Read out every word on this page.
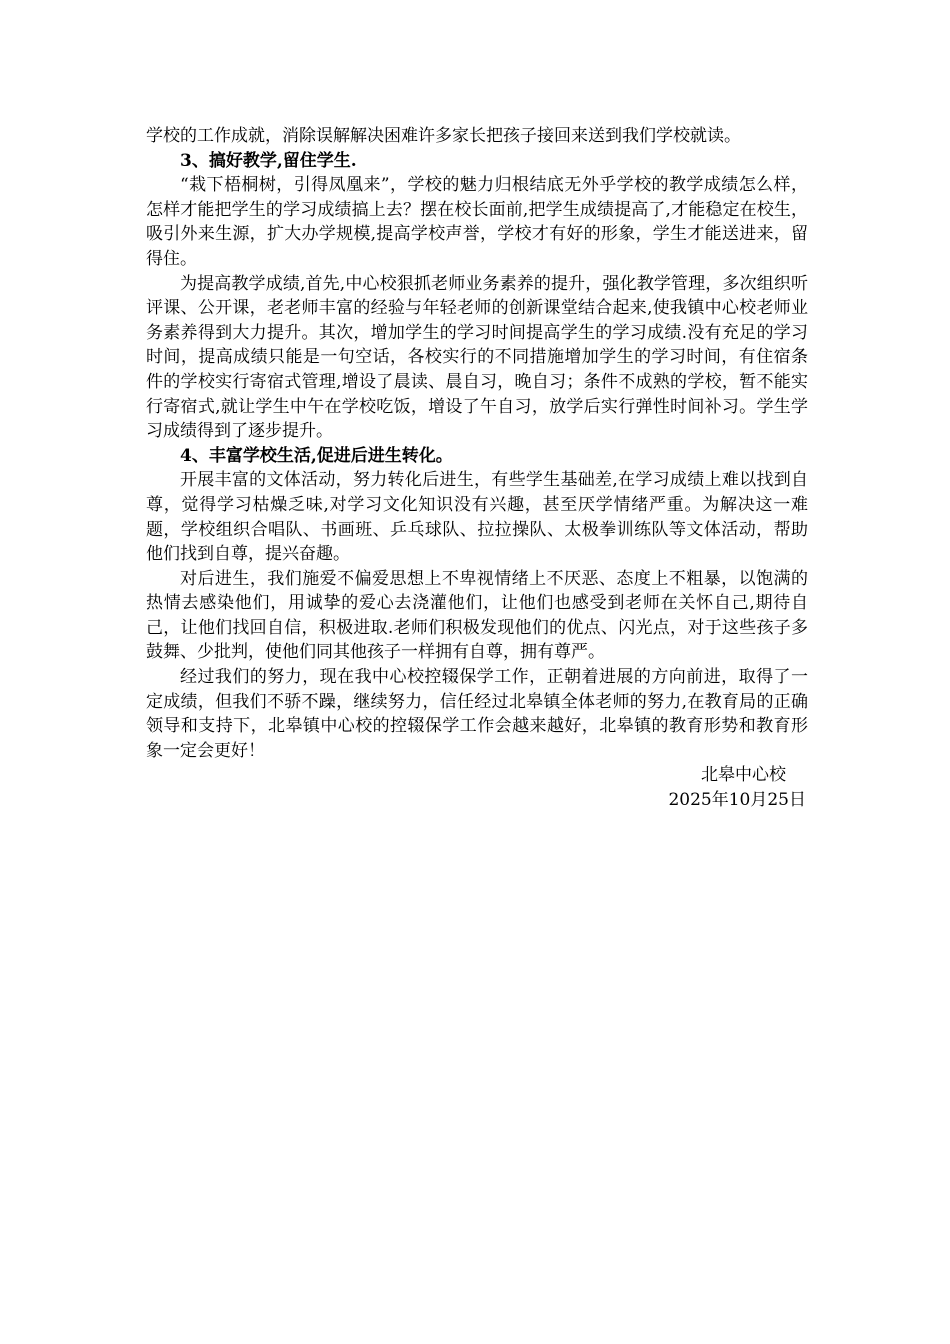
学校的工作成就，消除误解解决困难许多家长把孩子接回来送到我们学校就读。

3、搞好教学,留住学生.

“栽下梧桐树，引得凤凰来”，学校的魅力归根结底无外乎学校的教学成绩怎么样，怎样才能把学生的学习成绩搞上去？摆在校长面前,把学生成绩提高了,才能稳定在校生，吸引外来生源，扩大办学规模,提高学校声誉，学校才有好的形象，学生才能送进来，留得住。

为提高教学成绩,首先,中心校狠抓老师业务素养的提升，强化教学管理，多次组织听评课、公开课，老老师丰富的经验与年轻老师的创新课堂结合起来,使我镇中心校老师业务素养得到大力提升。其次，增加学生的学习时间提高学生的学习成绩.没有充足的学习时间，提高成绩只能是一句空话，各校实行的不同措施增加学生的学习时间，有住宿条件的学校实行寄宿式管理,增设了晨读、晨自习，晚自习；条件不成熟的学校，暂不能实行寄宿式,就让学生中午在学校吃饭，增设了午自习，放学后实行弹性时间补习。学生学习成绩得到了逐步提升。

4、丰富学校生活,促进后进生转化。

开展丰富的文体活动，努力转化后进生，有些学生基础差,在学习成绩上难以找到自尊，觉得学习枯燥乏味,对学习文化知识没有兴趣，甚至厌学情绪严重。为解决这一难题，学校组织合唱队、书画班、乒乓球队、拉拉操队、太极拳训练队等文体活动，帮助他们找到自尊，提兴奋趣。

对后进生，我们施爱不偏爱思想上不卑视情绪上不厌恶、态度上不粗暴，以饱满的热情去感染他们，用诚挚的爱心去浇灌他们，让他们也感受到老师在关怀自己,期待自己，让他们找回自信，积极进取.老师们积极发现他们的优点、闪光点，对于这些孩子多鼓舞、少批判，使他们同其他孩子一样拥有自尊，拥有尊严。

经过我们的努力，现在我中心校控辍保学工作，正朝着进展的方向前进，取得了一定成绩，但我们不骄不躁，继续努力，信任经过北皋镇全体老师的努力,在教育局的正确领导和支持下，北皋镇中心校的控辍保学工作会越来越好，北皋镇的教育形势和教育形象一定会更好！

北皋中心校

2025年10月25日
